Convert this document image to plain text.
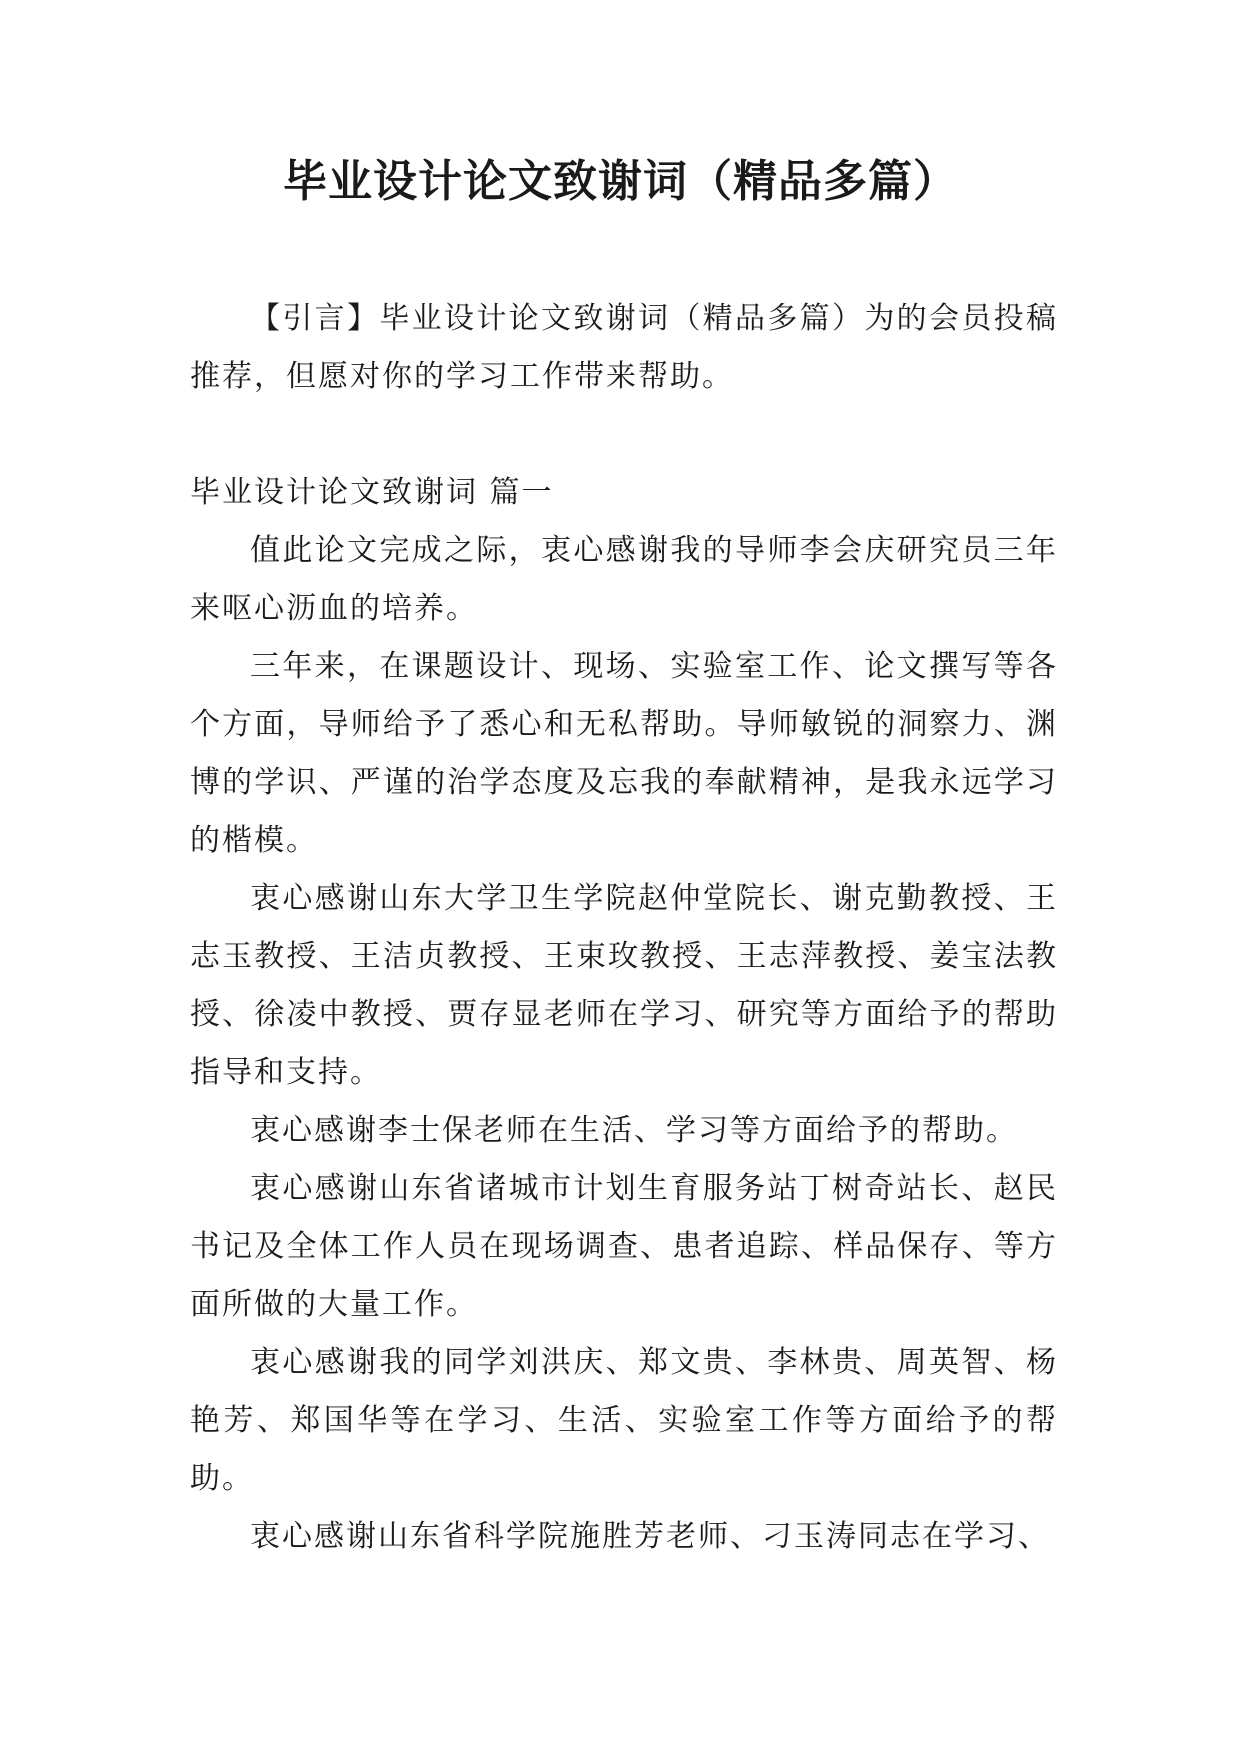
毕业设计论文致谢词（精品多篇）

【引言】毕业设计论文致谢词（精品多篇）为的会员投稿推荐，但愿对你的学习工作带来帮助。

毕业设计论文致谢词 篇一

值此论文完成之际，衷心感谢我的导师李会庆研究员三年来呕心沥血的培养。

三年来，在课题设计、现场、实验室工作、论文撰写等各个方面，导师给予了悉心和无私帮助。导师敏锐的洞察力、渊博的学识、严谨的治学态度及忘我的奉献精神，是我永远学习的楷模。

衷心感谢山东大学卫生学院赵仲堂院长、谢克勤教授、王志玉教授、王洁贞教授、王束玫教授、王志萍教授、姜宝法教授、徐凌中教授、贾存显老师在学习、研究等方面给予的帮助指导和支持。

衷心感谢李士保老师在生活、学习等方面给予的帮助。

衷心感谢山东省诸城市计划生育服务站丁树奇站长、赵民书记及全体工作人员在现场调查、患者追踪、样品保存、等方面所做的大量工作。

衷心感谢我的同学刘洪庆、郑文贵、李林贵、周英智、杨艳芳、郑国华等在学习、生活、实验室工作等方面给予的帮助。

衷心感谢山东省科学院施胜芳老师、刁玉涛同志在学习、
